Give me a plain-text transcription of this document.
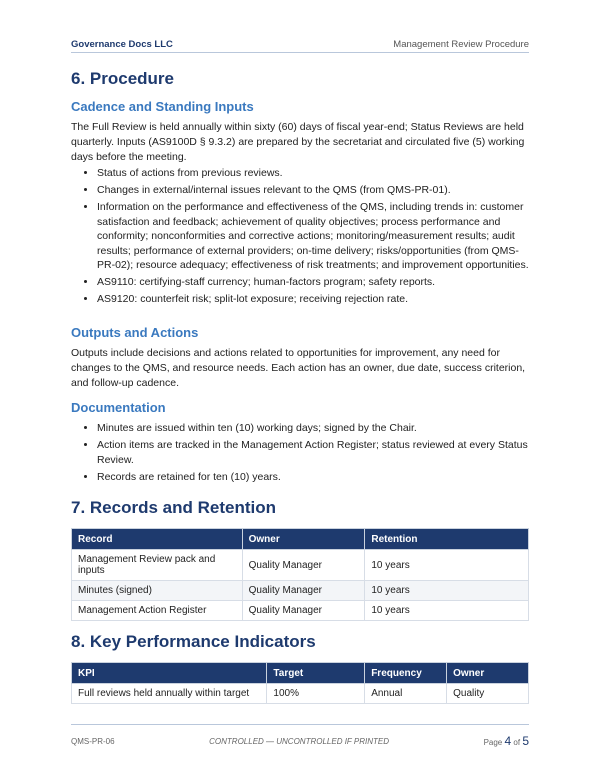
Governance Docs LLC	Management Review Procedure
6. Procedure
Cadence and Standing Inputs

The Full Review is held annually within sixty (60) days of fiscal year-end; Status Reviews are held quarterly. Inputs (AS9100D § 9.3.2) are prepared by the secretariat and circulated five (5) working days before the meeting.

• Status of actions from previous reviews.
• Changes in external/internal issues relevant to the QMS (from QMS-PR-01).
• Information on the performance and effectiveness of the QMS, including trends in: customer satisfaction and feedback; achievement of quality objectives; process performance and conformity; nonconformities and corrective actions; monitoring/measurement results; audit results; performance of external providers; on-time delivery; risks/opportunities (from QMS-PR-02); resource adequacy; effectiveness of risk treatments; and improvement opportunities.
• AS9110: certifying-staff currency; human-factors program; safety reports.
• AS9120: counterfeit risk; split-lot exposure; receiving rejection rate.
Outputs and Actions

Outputs include decisions and actions related to opportunities for improvement, any need for changes to the QMS, and resource needs. Each action has an owner, due date, success criterion, and follow-up cadence.

Documentation
• Minutes are issued within ten (10) working days; signed by the Chair.
• Action items are tracked in the Management Action Register; status reviewed at every Status Review.
• Records are retained for ten (10) years.
7. Records and Retention
Record	Owner	Retention
Management Review pack and inputs	Quality Manager	10 years
Minutes (signed)	Quality Manager	10 years
Management Action Register	Quality Manager	10 years
8. Key Performance Indicators
KPI	Target	Frequency	Owner
Full reviews held annually within target	100%	Annual	Quality
QMS-PR-06	CONTROLLED — UNCONTROLLED IF PRINTED	Page 4 of 5
